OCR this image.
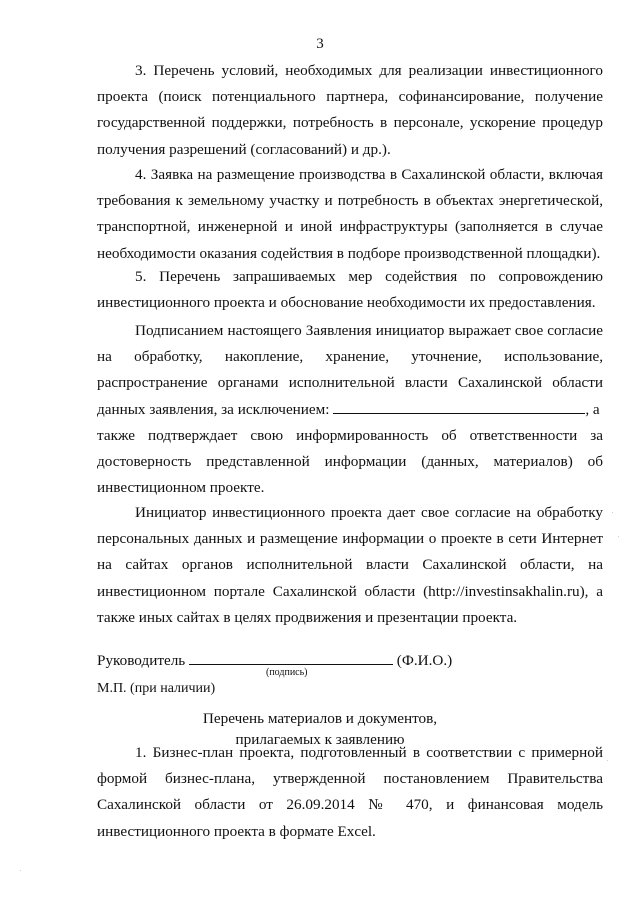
3
3. Перечень условий, необходимых для реализации инвестиционного
проекта (поиск потенциального партнера, софинансирование, получение
государственной поддержки, потребность в персонале, ускорение процедур
получения разрешений (согласований) и др.).
4. Заявка на размещение производства в Сахалинской области, включая
требования к земельному участку и потребность в объектах энергетической,
транспортной, инженерной и иной инфраструктуры (заполняется в случае
необходимости оказания содействия в подборе производственной площадки).
5. Перечень запрашиваемых мер содействия по сопровождению
инвестиционного проекта и обоснование необходимости их предоставления.
Подписанием настоящего Заявления инициатор выражает свое согласие
на обработку, накопление, хранение, уточнение, использование,
распространение органами исполнительной власти Сахалинской области
данных заявления, за исключением:	, а
также подтверждает свою информированность об ответственности за
достоверность представленной информации (данных, материалов) об
инвестиционном проекте.
Инициатор инвестиционного проекта дает свое согласие на обработку
персональных данных и размещение информации о проекте в сети Интернет
на сайтах органов исполнительной власти Сахалинской области, на
инвестиционном портале Сахалинской области (http://investinsakhalin.ru), а
также иных сайтах в целях продвижения и презентации проекта.
Руководитель	(Ф.И.О.)
(подпись)
М.П. (при наличии)
Перечень материалов и документов,
прилагаемых к заявлению
1. Бизнес-план проекта, подготовленный в соответствии с примерной
формой бизнес-плана, утвержденной постановлением Правительства
Сахалинской области от 26.09.2014 № 470, и финансовая модель
инвестиционного проекта в формате Excel.
